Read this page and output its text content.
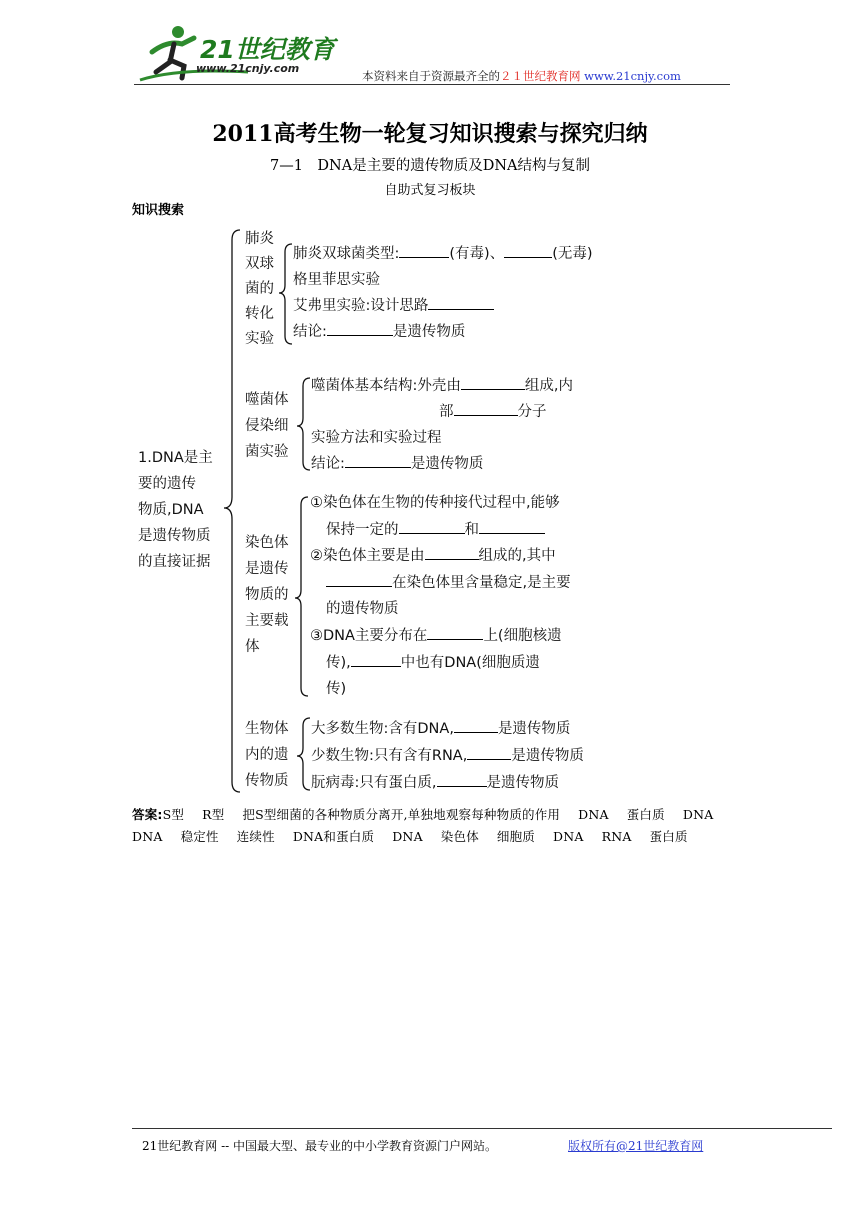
21世纪教育
www.21cnjy.com
本资料来自于资源最齐全的２１世纪教育网 www.21cnjy.com
2011高考生物一轮复习知识搜索与探究归纳
7—1　DNA是主要的遗传物质及DNA结构与复制
自助式复习板块
知识搜索
1.DNA是主
要的遗传
物质,DNA
是遗传物质
的直接证据
肺炎
双球
菌的
转化
实验
肺炎双球菌类型:	(有毒)、	(无毒)
格里菲思实验
艾弗里实验:设计思路
结论:	是遗传物质
噬菌体
侵染细
菌实验
噬菌体基本结构:外壳由	组成,内
部	分子
实验方法和实验过程
结论:	是遗传物质
染色体
是遗传
物质的
主要载
体
①染色体在生物的传种接代过程中,能够
保持一定的	和
②染色体主要是由	组成的,其中
在染色体里含量稳定,是主要
的遗传物质
③DNA主要分布在	上(细胞核遗
传),	中也有DNA(细胞质遗
传)
生物体
内的遗
传物质
大多数生物:含有DNA,	是遗传物质
少数生物:只有含有RNA,	是遗传物质
朊病毒:只有蛋白质,	是遗传物质
答案:S型 R型 把S型细菌的各种物质分离开,单独地观察每种物质的作用 DNA 蛋白质 DNADNA 稳定性 连续性 DNA和蛋白质 DNA 染色体 细胞质 DNA RNA 蛋白质
21世纪教育网 -- 中国最大型、最专业的中小学教育资源门户网站。	版权所有@21世纪教育网
